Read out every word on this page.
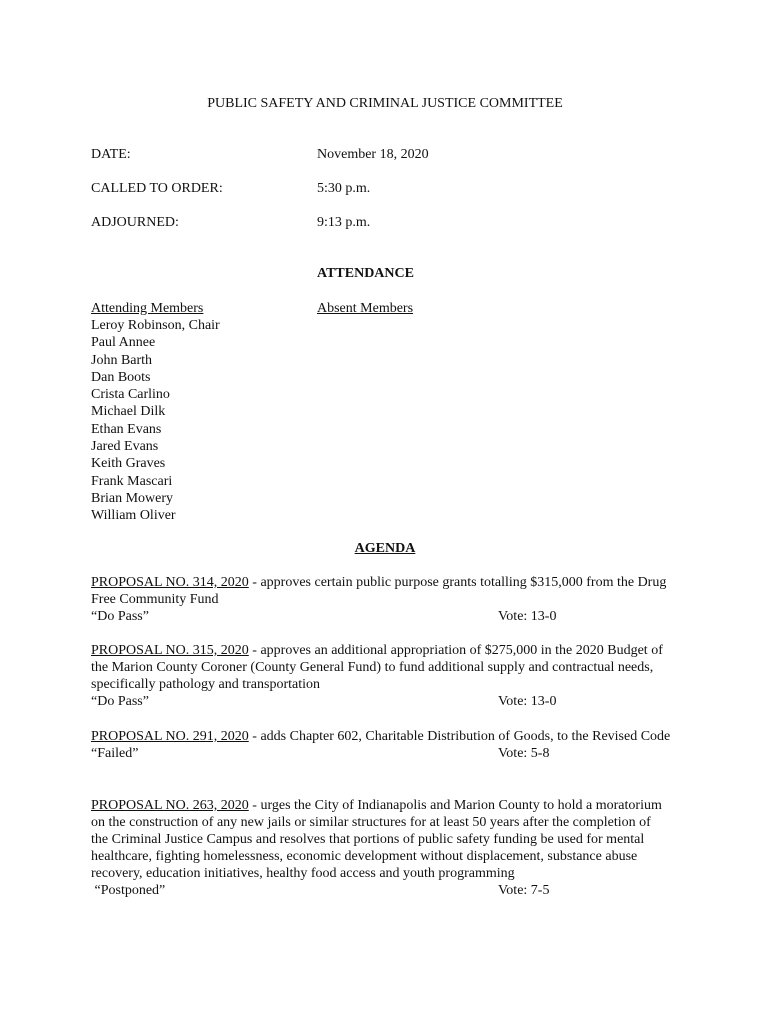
PUBLIC SAFETY AND CRIMINAL JUSTICE COMMITTEE
DATE:	November 18, 2020
CALLED TO ORDER:	5:30 p.m.
ADJOURNED:	9:13 p.m.
ATTENDANCE
Attending Members	Absent Members
Leroy Robinson, Chair
Paul Annee
John Barth
Dan Boots
Crista Carlino
Michael Dilk
Ethan Evans
Jared Evans
Keith Graves
Frank Mascari
Brian Mowery
William Oliver
AGENDA

PROPOSAL NO. 314, 2020 - approves certain public purpose grants totalling $315,000 from the Drug Free Community Fund

“Do Pass”	Vote: 13-0

PROPOSAL NO. 315, 2020 - approves an additional appropriation of $275,000 in the 2020 Budget of the Marion County Coroner (County General Fund) to fund additional supply and contractual needs, specifically pathology and transportation

“Do Pass”	Vote: 13-0

PROPOSAL NO. 291, 2020 - adds Chapter 602, Charitable Distribution of Goods, to the Revised Code

“Failed”	Vote: 5-8

PROPOSAL NO. 263, 2020 - urges the City of Indianapolis and Marion County to hold a moratorium on the construction of any new jails or similar structures for at least 50 years after the completion of the Criminal Justice Campus and resolves that portions of public safety funding be used for mental healthcare, fighting homelessness, economic development without displacement, substance abuse recovery, education initiatives, healthy food access and youth programming

“Postponed”	Vote: 7-5
